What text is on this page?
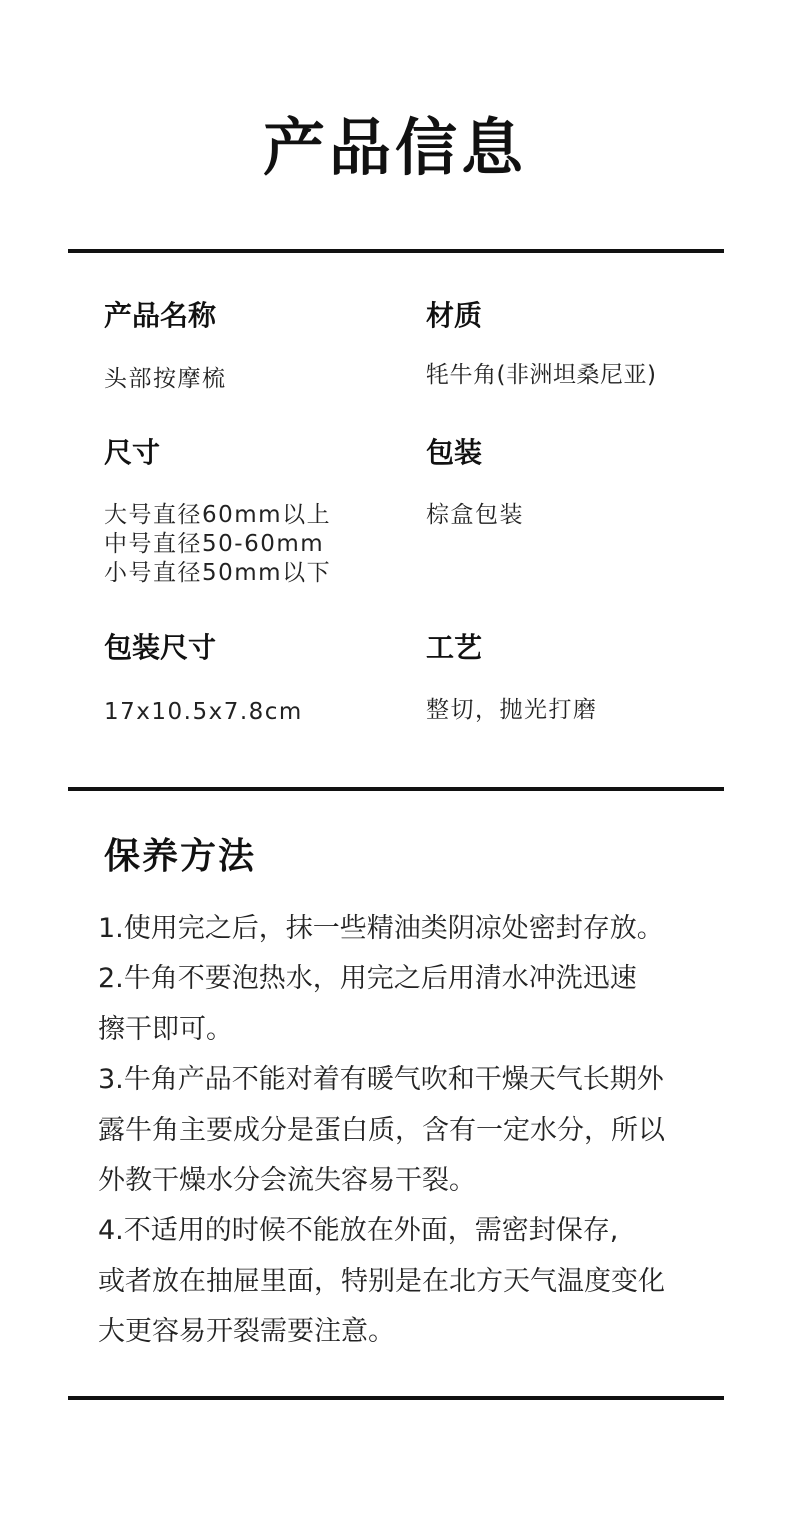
产品信息
产品名称
头部按摩梳
尺寸
大号直径60mm以上
中号直径50-60mm
小号直径50mm以下
包装尺寸
17x10.5x7.8cm
材质
牦牛角(非洲坦桑尼亚)
包装
棕盒包装
工艺
整切，抛光打磨
保养方法
1.使用完之后，抹一些精油类阴凉处密封存放。
2.牛角不要泡热水，用完之后用清水冲洗迅速
擦干即可。
3.牛角产品不能对着有暖气吹和干燥天气长期外
露牛角主要成分是蛋白质，含有一定水分，所以
外教干燥水分会流失容易干裂。
4.不适用的时候不能放在外面，需密封保存,
或者放在抽屉里面，特别是在北方天气温度变化
大更容易开裂需要注意。
